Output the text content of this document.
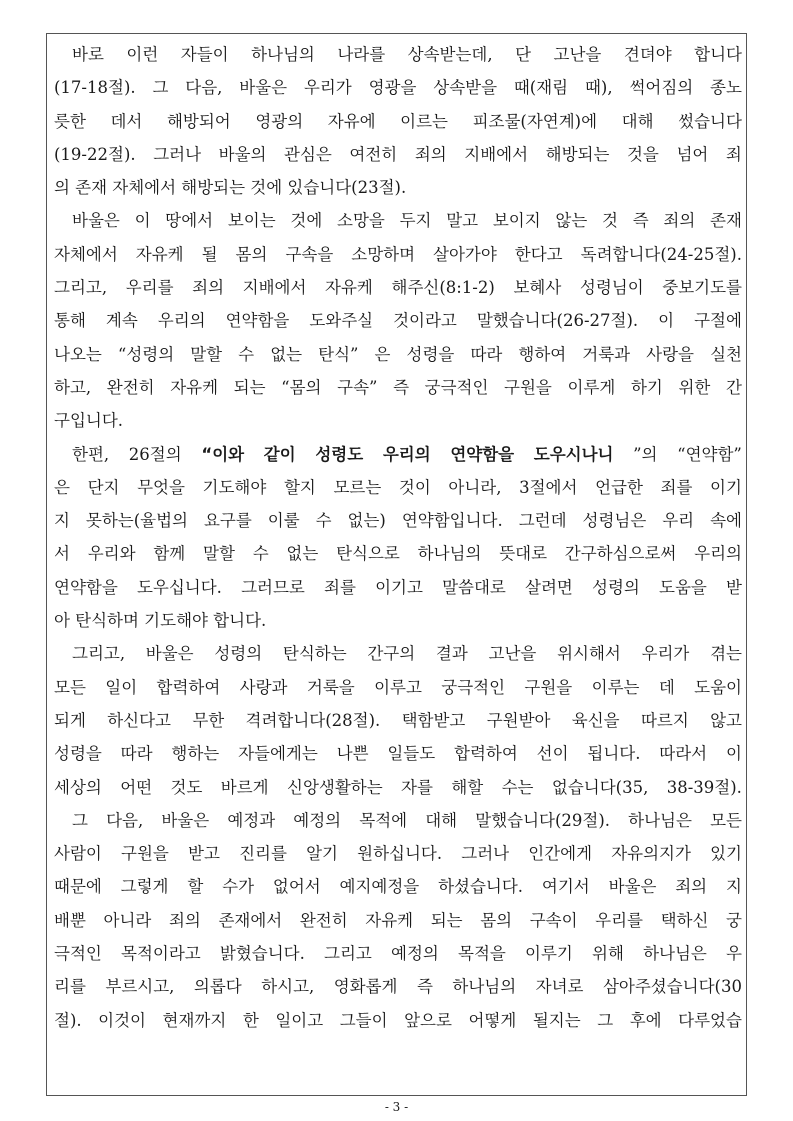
바로 이런 자들이 하나님의 나라를 상속받는데, 단 고난을 견뎌야 합니다
(17-18절). 그 다음, 바울은 우리가 영광을 상속받을 때(재림 때), 썩어짐의 종노
릇한 데서 해방되어 영광의 자유에 이르는 피조물(자연계)에 대해 썼습니다
(19-22절). 그러나 바울의 관심은 여전히 죄의 지배에서 해방되는 것을 넘어 죄
의 존재 자체에서 해방되는 것에 있습니다(23절).
바울은 이 땅에서 보이는 것에 소망을 두지 말고 보이지 않는 것 즉 죄의 존재
자체에서 자유케 될 몸의 구속을 소망하며 살아가야 한다고 독려합니다(24-25절).
그리고, 우리를 죄의 지배에서 자유케 해주신(8:1-2) 보혜사 성령님이 중보기도를
통해 계속 우리의 연약함을 도와주실 것이라고 말했습니다(26-27절). 이 구절에
나오는 “성령의 말할 수 없는 탄식” 은 성령을 따라 행하여 거룩과 사랑을 실천
하고, 완전히 자유케 되는 “몸의 구속” 즉 궁극적인 구원을 이루게 하기 위한 간
구입니다.
한편, 26절의 “이와 같이 성령도 우리의 연약함을 도우시나니 ”의 “연약함”
은 단지 무엇을 기도해야 할지 모르는 것이 아니라, 3절에서 언급한 죄를 이기
지 못하는(율법의 요구를 이룰 수 없는) 연약함입니다. 그런데 성령님은 우리 속에
서 우리와 함께 말할 수 없는 탄식으로 하나님의 뜻대로 간구하심으로써 우리의
연약함을 도우십니다. 그러므로 죄를 이기고 말씀대로 살려면 성령의 도움을 받
아 탄식하며 기도해야 합니다.
그리고, 바울은 성령의 탄식하는 간구의 결과 고난을 위시해서 우리가 겪는
모든 일이 합력하여 사랑과 거룩을 이루고 궁극적인 구원을 이루는 데 도움이
되게 하신다고 무한 격려합니다(28절). 택함받고 구원받아 육신을 따르지 않고
성령을 따라 행하는 자들에게는 나쁜 일들도 합력하여 선이 됩니다. 따라서 이
세상의 어떤 것도 바르게 신앙생활하는 자를 해할 수는 없습니다(35, 38-39절).
그 다음, 바울은 예정과 예정의 목적에 대해 말했습니다(29절). 하나님은 모든
사람이 구원을 받고 진리를 알기 원하십니다. 그러나 인간에게 자유의지가 있기
때문에 그렇게 할 수가 없어서 예지예정을 하셨습니다. 여기서 바울은 죄의 지
배뿐 아니라 죄의 존재에서 완전히 자유케 되는 몸의 구속이 우리를 택하신 궁
극적인 목적이라고 밝혔습니다. 그리고 예정의 목적을 이루기 위해 하나님은 우
리를 부르시고, 의롭다 하시고, 영화롭게 즉 하나님의 자녀로 삼아주셨습니다(30
절). 이것이 현재까지 한 일이고 그들이 앞으로 어떻게 될지는 그 후에 다루었습
- 3 -
